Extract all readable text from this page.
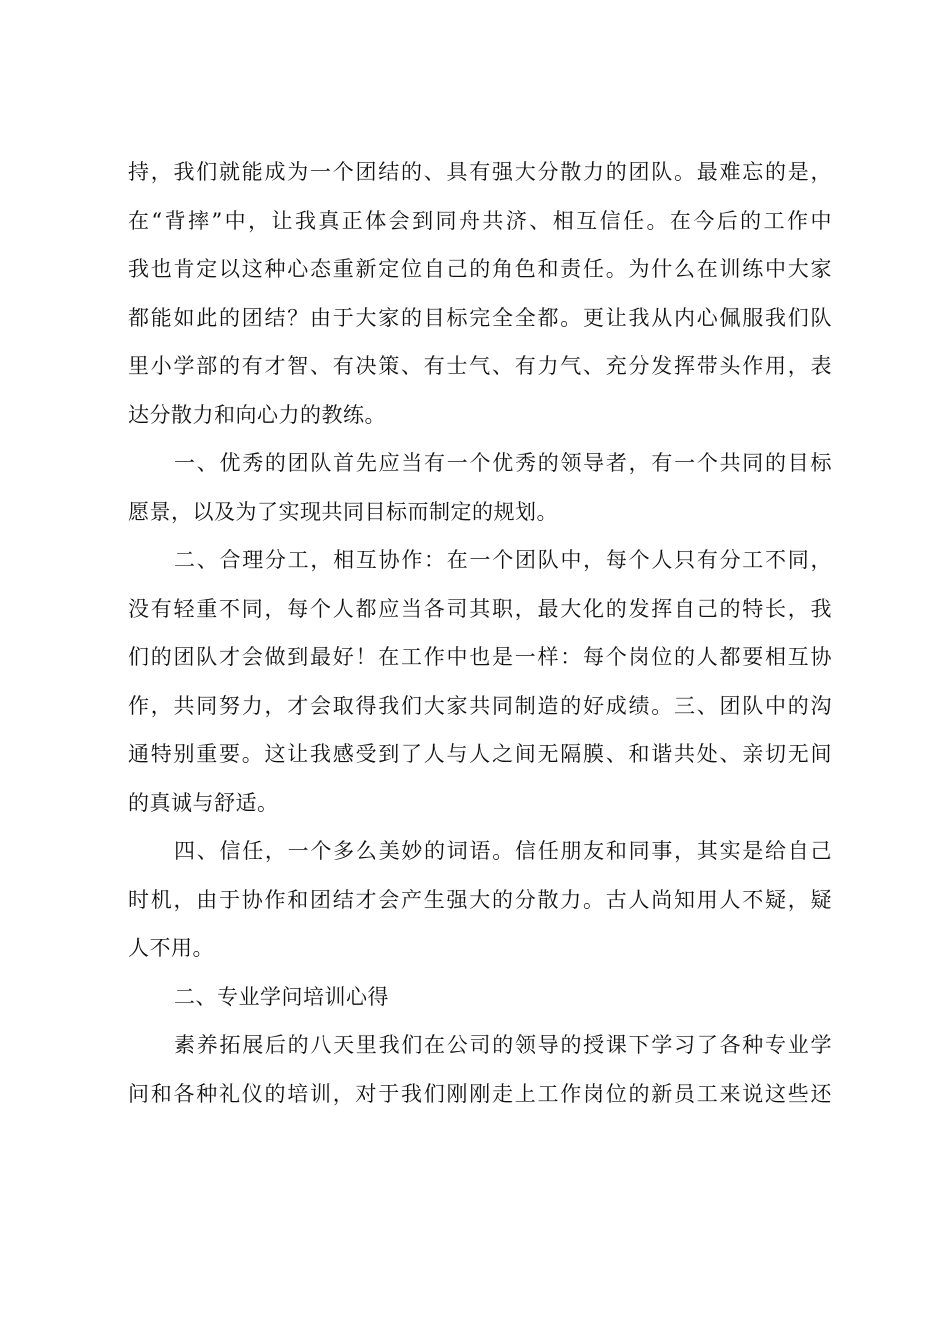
持，我们就能成为一个团结的、具有强大分散力的团队。最难忘的是，
在“背摔”中，让我真正体会到同舟共济、相互信任。在今后的工作中
我也肯定以这种心态重新定位自己的角色和责任。为什么在训练中大家
都能如此的团结？由于大家的目标完全全都。更让我从内心佩服我们队
里小学部的有才智、有决策、有士气、有力气、充分发挥带头作用，表
达分散力和向心力的教练。
一、优秀的团队首先应当有一个优秀的领导者，有一个共同的目标
愿景，以及为了实现共同目标而制定的规划。
二、合理分工，相互协作：在一个团队中，每个人只有分工不同，
没有轻重不同，每个人都应当各司其职，最大化的发挥自己的特长，我
们的团队才会做到最好！在工作中也是一样：每个岗位的人都要相互协
作，共同努力，才会取得我们大家共同制造的好成绩。三、团队中的沟
通特别重要。这让我感受到了人与人之间无隔膜、和谐共处、亲切无间
的真诚与舒适。
四、信任，一个多么美妙的词语。信任朋友和同事，其实是给自己
时机，由于协作和团结才会产生强大的分散力。古人尚知用人不疑，疑
人不用。
二、专业学问培训心得
素养拓展后的八天里我们在公司的领导的授课下学习了各种专业学
问和各种礼仪的培训，对于我们刚刚走上工作岗位的新员工来说这些还
